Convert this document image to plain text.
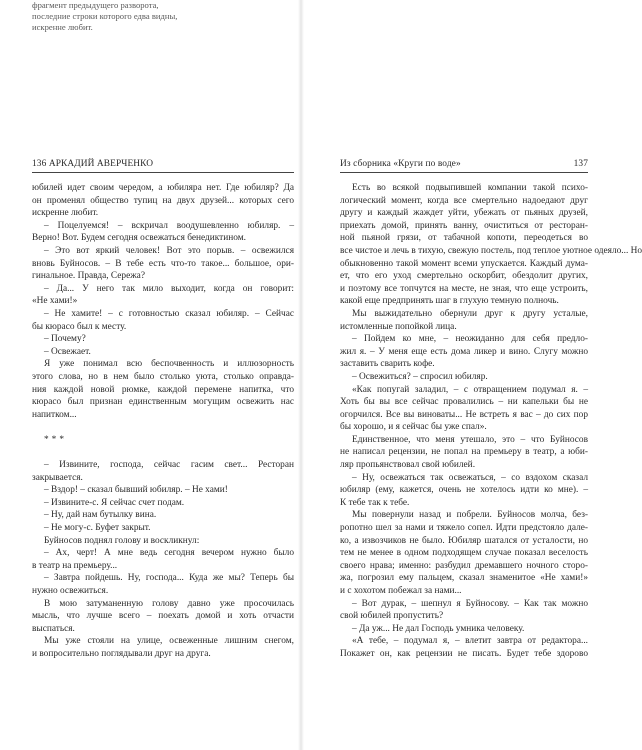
фрагмент предыдущего разворота,
последние строки которого едва видны,
искренне любит.
136 АРКАДИЙ АВЕРЧЕНКО
юбилей идет своим чередом, а юбиляра нет. Где юбиляр? Да
он променял общество тупиц на двух друзей... которых сего
искренне любит.
– Поцелуемся! – вскричал воодушевленно юбиляр. –
Верно! Вот. Будем сегодня освежаться бенедиктином.
– Это вот яркий человек! Вот это порыв. – освежился
вновь Буйносов. – В тебе есть что-то такое... большое, ори-
гинальное. Правда, Сережа?
– Да... У него так мило выходит, когда он говорит:
«Не хами!»
– Не хамите! – с готовностью сказал юбиляр. – Сейчас
бы кюрасо был к месту.
– Почему?
– Освежает.
Я уже понимал всю беспочвенность и иллюзорность
этого слова, но в нем было столько уюта, столько оправда-
ния каждой новой рюмке, каждой перемене напитка, что
кюрасо был признан единственным могущим освежить нас
напитком...
***
– Извините, господа, сейчас гасим свет... Ресторан
закрывается.
– Вздор! – сказал бывший юбиляр. – Не хами!
– Извините-с. Я сейчас счет подам.
– Ну, дай нам бутылку вина.
– Не могу-с. Буфет закрыт.
Буйносов поднял голову и воскликнул:
– Ах, черт! А мне ведь сегодня вечером нужно было
в театр на премьеру...
– Завтра пойдешь. Ну, господа... Куда же мы? Теперь бы
нужно освежиться.
В мою затуманенную голову давно уже просочилась
мысль, что лучше всего – поехать домой и хоть отчасти
выспаться.
Мы уже стояли на улице, освеженные лишним снегом,
и вопросительно поглядывали друг на друга.
Из сборника «Круги по воде»	137
Есть во всякой подвыпившей компании такой психо-
логический момент, когда все смертельно надоедают друг
другу и каждый жаждет уйти, убежать от пьяных друзей,
приехать домой, принять ванну, очиститься от ресторан-
ной пьяной грязи, от табачной копоти, переодеться во
все чистое и лечь в тихую, свежую постель, под теплое уютное одеяло... Но
обыкновенно такой момент всеми упускается. Каждый дума-
ет, что его уход смертельно оскорбит, обездолит других,
и поэтому все топчутся на месте, не зная, что еще устроить,
какой еще предпринять шаг в глухую темную полночь.
Мы выжидательно обернули друг к другу усталые,
истомленные попойкой лица.
– Пойдем ко мне, – неожиданно для себя предло-
жил я. – У меня еще есть дома ликер и вино. Слугу можно
заставить сварить кофе.
– Освежиться? – спросил юбиляр.
«Как попугай заладил, – с отвращением подумал я. –
Хоть бы вы все сейчас провалились – ни капельки бы не
огорчился. Все вы виноваты... Не встреть я вас – до сих пор
бы хорошо, и я сейчас бы уже спал».
Единственное, что меня утешало, это – что Буйносов
не написал рецензии, не попал на премьеру в театр, а юби-
ляр пропьянствовал свой юбилей.
– Ну, освежаться так освежаться, – со вздохом сказал
юбиляр (ему, кажется, очень не хотелось идти ко мне). –
К тебе так к тебе.
Мы повернули назад и побрели. Буйносов молча, без-
ропотно шел за нами и тяжело сопел. Идти предстояло дале-
ко, а извозчиков не было. Юбиляр шатался от усталости, но
тем не менее в одном подходящем случае показал веселость
своего нрава; именно: разбудил дремавшего ночного сторо-
жа, погрозил ему пальцем, сказал знаменитое «Не хами!»
и с хохотом побежал за нами...
– Вот дурак, – шепнул я Буйносову. – Как так можно
свой юбилей пропустить?
– Да уж... Не дал Господь умника человеку.
«А тебе, – подумал я, – влетит завтра от редактора...
Покажет он, как рецензии не писать. Будет тебе здорово
